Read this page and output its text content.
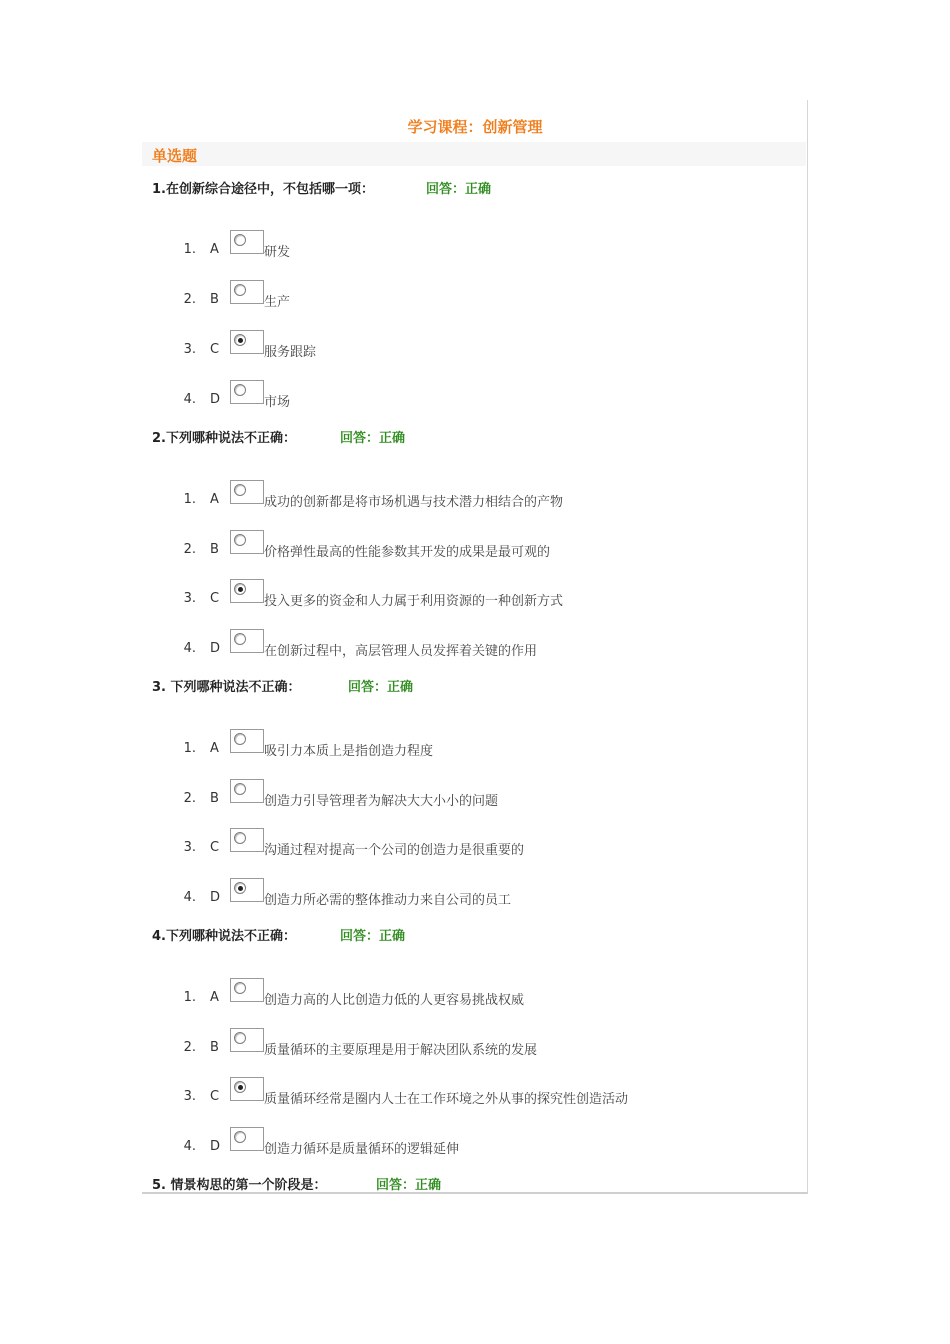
学习课程：创新管理
单选题
1.在创新综合途径中，不包括哪一项：	回答：正确
1. A	研发
2. B	生产
3. C	服务跟踪
4. D	市场
2.下列哪种说法不正确：	回答：正确
1. A	成功的创新都是将市场机遇与技术潜力相结合的产物
2. B	价格弹性最高的性能参数其开发的成果是最可观的
3. C	投入更多的资金和人力属于利用资源的一种创新方式
4. D	在创新过程中，高层管理人员发挥着关键的作用
3. 下列哪种说法不正确：	回答：正确
1. A	吸引力本质上是指创造力程度
2. B	创造力引导管理者为解决大大小小的问题
3. C	沟通过程对提高一个公司的创造力是很重要的
4. D	创造力所必需的整体推动力来自公司的员工
4.下列哪种说法不正确：	回答：正确
1. A	创造力高的人比创造力低的人更容易挑战权威
2. B	质量循环的主要原理是用于解决团队系统的发展
3. C	质量循环经常是圈内人士在工作环境之外从事的探究性创造活动
4. D	创造力循环是质量循环的逻辑延伸
5. 情景构思的第一个阶段是：	回答：正确
